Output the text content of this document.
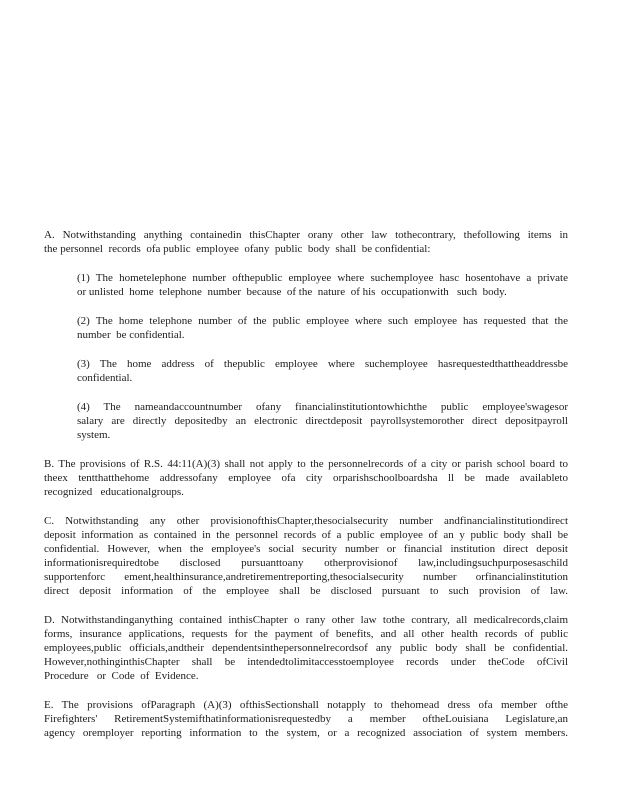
A. Notwithstanding anything containedin thisChapter orany other law tothecontrary, thefollowing items in
the personnel  records  ofa public  employee  ofany  public  body  shall  be confidential:
(1) The hometelephone number ofthepublic employee where suchemployee hasc hosentohave a private
or unlisted  home  telephone  number  because  of the  nature  of his  occupationwith   such  body.
(2) The home telephone number of the public employee where such employee has requested that the
number  be confidential.
(3) The home address of thepublic employee where suchemployee hasrequestedthattheaddressbe
confidential.
(4) The nameandaccountnumber ofany financialinstitutiontowhichthe public employee'swagesor
salary are directly depositedby an electronic directdeposit payrollsystemorother direct depositpayroll
system.
B. The provisions of R.S. 44:11(A)(3) shall not apply to the personnelrecords of a city or parish school board to
theex tentthatthehome addressofany employee ofa city orparishschoolboardsha ll be made availableto
recognized   educationalgroups.
C. Notwithstanding any other provisionofthisChapter,thesocialsecurity number andfinancialinstitutiondirect
deposit information as contained in the personnel records of a public employee of an y public body shall be
confidential. However, when the employee's social security number or financial institution direct deposit
informationisrequiredtobe disclosed pursuanttoany otherprovisionof law,includingsuchpurposesaschild
supportenforc ement,healthinsurance,andretirementreporting,thesocialsecurity number orfinancialinstitution
direct deposit information of the employee shall be disclosed pursuant to such provision of law.
D. Notwithstandinganything contained inthisChapter o rany other law tothe contrary, all medicalrecords,claim
forms, insurance applications, requests for the payment of benefits, and all other health records of public
employees,public officials,andtheir dependentsinthepersonnelrecordsof any public body shall be confidential.
However,nothinginthisChapter shall be intendedtolimitaccesstoemployee records under theCode ofCivil
Procedure   or  Code  of  Evidence.
E. The provisions ofParagraph (A)(3) ofthisSectionshall notapply to thehomead dress ofa member ofthe
Firefighters' RetirementSystemifthatinformationisrequestedby a member oftheLouisiana Legislature,an
agency oremployer reporting information to the system, or a recognized association of system members.
